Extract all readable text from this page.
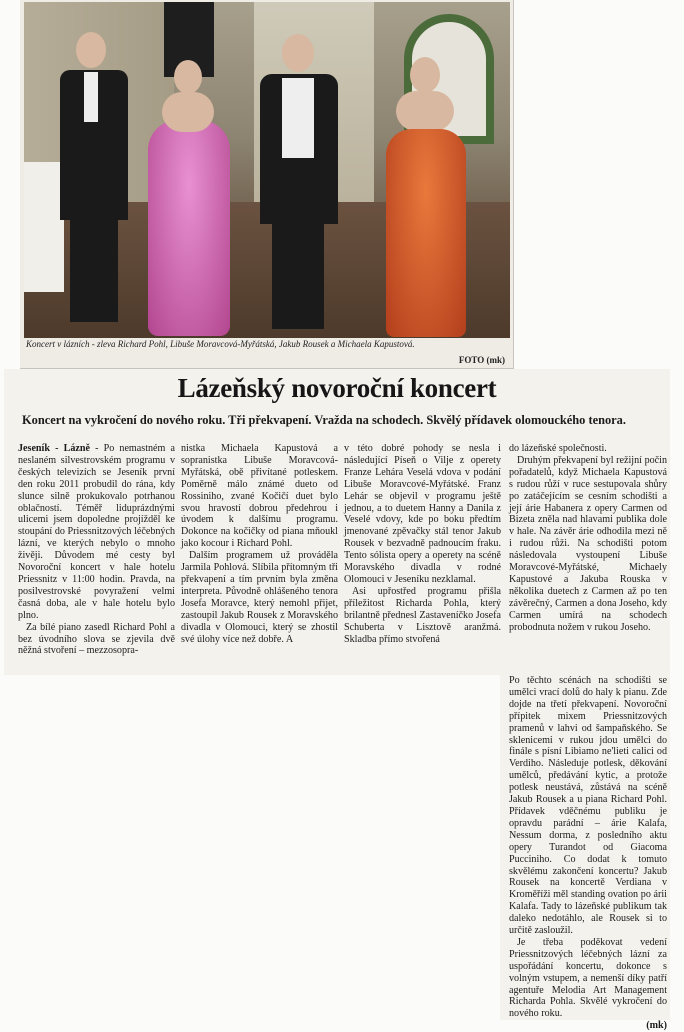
Koncert v lázních - zleva Richard Pohl, Libuše Moravcová-Myřátská, Jakub Rousek a Michaela Kapustová.
FOTO (mk)
Lázeňský novoroční koncert
Koncert na vykročení do nového roku. Tři překvapení. Vražda na schodech. Skvělý přídavek olomouckého tenora.

Jeseník - Lázně - Po nemastném a neslaném silvestrovském programu v českých televizích se Jeseník první den roku 2011 probudil do rána, kdy slunce silně prokukovalo potrhanou oblačností. Téměř liduprázdnými ulicemi jsem dopoledne projížděl ke stoupání do Priessnitzových léčebných lázní, ve kterých nebylo o mnoho živěji. Důvodem mé cesty byl Novoroční koncert v hale hotelu Priessnitz v 11:00 hodin. Pravda, na posilvestrovské povyražení velmi časná doba, ale v hale hotelu bylo plno.

Za bílé piano zasedl Richard Pohl a bez úvodního slova se zjevila dvě něžná stvoření – mezzosopra-

nistka Michaela Kapustová a sopranistka Libuše Moravcová-Myřátská, obě přivítané potleskem. Poměrně málo známé dueto od Rossiniho, zvané Kočičí duet bylo svou hravostí dobrou předehrou i úvodem k dalšímu programu. Dokonce na kočičky od piana mňoukl jako kocour i Richard Pohl.

Dalším programem už prováděla Jarmila Pohlová. Slíbila přítomným tři překvapení a tím prvním byla změna interpreta. Původně ohlášeného tenora Josefa Moravce, který nemohl přijet, zastoupil Jakub Rousek z Moravského divadla v Olomouci, který se zhostil své úlohy více než dobře. A

v této dobré pohody se nesla i následující Píseň o Vilje z operety Franze Lehára Veselá vdova v podání Libuše Moravcové-Myřátské. Franz Lehár se objevil v programu ještě jednou, a to duetem Hanny a Danila z Veselé vdovy, kde po boku předtím jmenované zpěvačky stál tenor Jakub Rousek v bezvadně padnoucím fraku. Tento sólista opery a operety na scéně Moravského divadla v rodné Olomouci v Jeseníku nezklamal.

Asi upřostřed programu přišla příležitost Richarda Pohla, který brilantně přednesl Zastaveníčko Josefa Schuberta v Lisztově aranžmá. Skladba přímo stvořená

do lázeňské společnosti.

Druhým překvapení byl režijní počin pořadatelů, když Michaela Kapustová s rudou růží v ruce sestupovala shůry po zatáčejícím se cesním schodišti a její árie Habanera z opery Carmen od Bizeta zněla nad hlavami publika dole v hale. Na závěr árie odhodila mezi ně i rudou růži. Na schodišti potom následovala vystoupení Libuše Moravcové-Myřátské, Michaely Kapustové a Jakuba Rouska v několika duetech z Carmen až po ten závěrečný, Carmen a dona Joseho, kdy Carmen umírá na schodech probodnuta nožem v rukou Joseho.

Po těchto scénách na schodišti se umělci vrací dolů do haly k pianu. Zde dojde na třetí překvapení. Novoroční přípitek mixem Priessnitzových pramenů v lahvi od šampaňského. Se sklenicemi v rukou jdou umělci do finále s písní Libiamo ne'lieti calici od Verdiho. Následuje potlesk, děkování umělců, předávání kytic, a protože potlesk neustává, zůstává na scéně Jakub Rousek a u piana Richard Pohl. Přídavek vděčnému publiku je opravdu parádní – árie Kalafa, Nessum dorma, z posledního aktu opery Turandot od Giacoma Pucciniho. Co dodat k tomuto skvělému zakončení koncertu? Jakub Rousek na koncertě Verdiana v Kroměříži měl standing ovation po árii Kalafa. Tady to lázeňské publikum tak daleko nedotáhlo, ale Rousek si to určitě zasloužil.

Je třeba poděkovat vedení Priessnitzových léčebných lázní za uspořádání koncertu, dokonce s volným vstupem, a nemenší díky patří agentuře Melodia Art Management Richarda Pohla. Skvělé vykročení do nového roku.

(mk)
